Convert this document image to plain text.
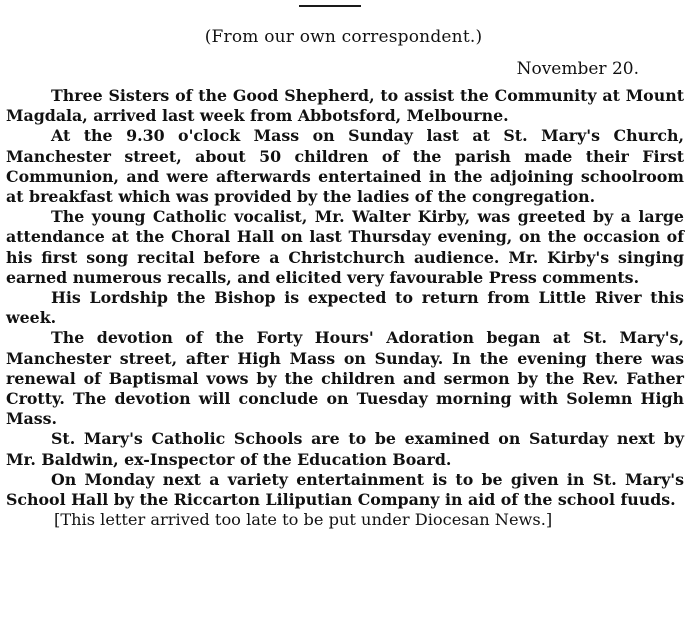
(From our own correspondent.)
November 20.

Three Sisters of the Good Shepherd, to assist the Community at Mount Magdala, arrived last week from Abbotsford, Melbourne.

At the 9.30 o'clock Mass on Sunday last at St. Mary's Church, Manchester street, about 50 children of the parish made their First Communion, and were afterwards entertained in the adjoining schoolroom at breakfast which was provided by the ladies of the congregation.

The young Catholic vocalist, Mr. Walter Kirby, was greeted by a large attendance at the Choral Hall on last Thursday evening, on the occasion of his first song recital before a Christchurch audience. Mr. Kirby's singing earned numerous recalls, and elicited very favourable Press comments.

His Lordship the Bishop is expected to return from Little River this week.

The devotion of the Forty Hours' Adoration began at St. Mary's, Manchester street, after High Mass on Sunday. In the evening there was renewal of Baptismal vows by the children and sermon by the Rev. Father Crotty. The devotion will conclude on Tuesday morning with Solemn High Mass.

St. Mary's Catholic Schools are to be examined on Saturday next by Mr. Baldwin, ex-Inspector of the Education Board.

On Monday next a variety entertainment is to be given in St. Mary's School Hall by the Riccarton Liliputian Company in aid of the school fuuds.

[This letter arrived too late to be put under Diocesan News.]
